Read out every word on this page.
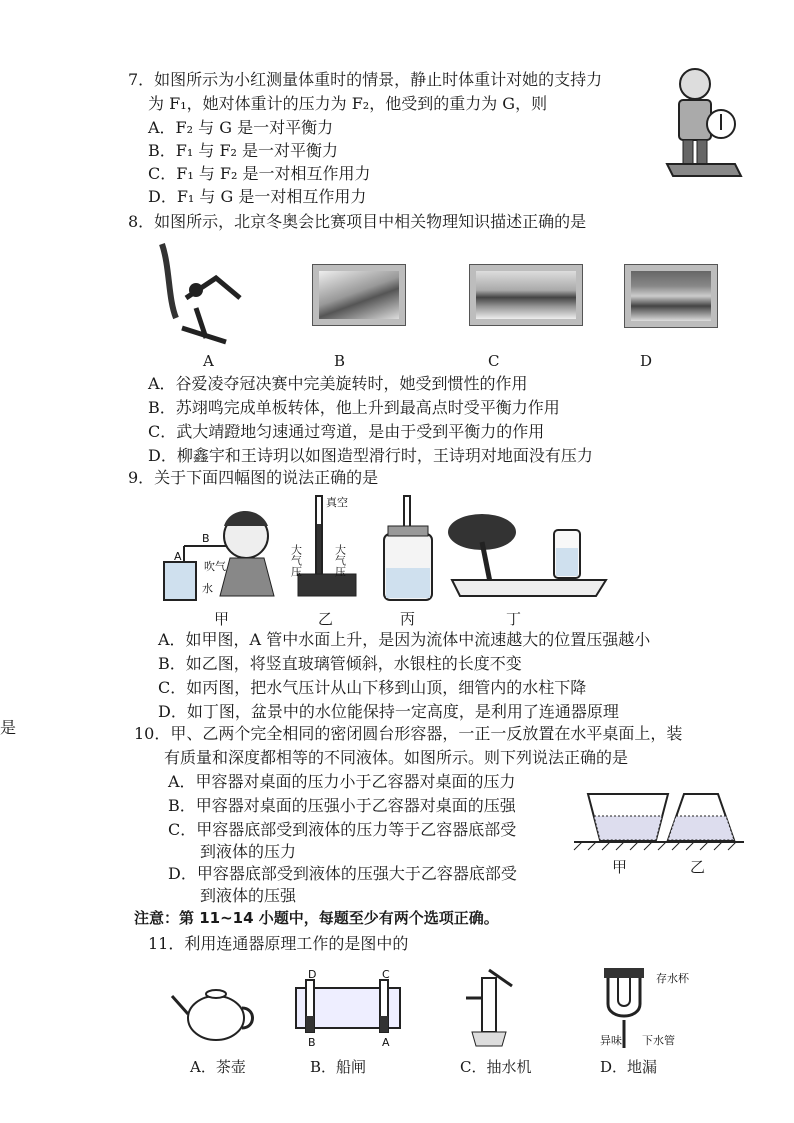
是
7．如图所示为小红测量体重时的情景，静止时体重计对她的支持力
为 F₁，她对体重计的压力为 F₂，他受到的重力为 G，则
A．F₂ 与 G 是一对平衡力
B．F₁ 与 F₂ 是一对平衡力
C．F₁ 与 F₂ 是一对相互作用力
D．F₁ 与 G 是一对相互作用力
8．如图所示，北京冬奥会比赛项目中相关物理知识描述正确的是
A	B	C	D
A．谷爱凌夺冠决赛中完美旋转时，她受到惯性的作用
B．苏翊鸣完成单板转体，他上升到最高点时受平衡力作用
C．武大靖蹬地匀速通过弯道，是由于受到平衡力的作用
D．柳鑫宇和王诗玥以如图造型滑行时，王诗玥对地面没有压力
9．关于下面四幅图的说法正确的是
B
A
吹气
水
真空
大气压	大气压
甲	乙	丙	丁
A．如甲图，A 管中水面上升，是因为流体中流速越大的位置压强越小
B．如乙图，将竖直玻璃管倾斜，水银柱的长度不变
C．如丙图，把水气压计从山下移到山顶，细管内的水柱下降
D．如丁图，盆景中的水位能保持一定高度，是利用了连通器原理
10．甲、乙两个完全相同的密闭圆台形容器，一正一反放置在水平桌面上，装
有质量和深度都相等的不同液体。如图所示。则下列说法正确的是
A．甲容器对桌面的压力小于乙容器对桌面的压力
B．甲容器对桌面的压强小于乙容器对桌面的压强
C．甲容器底部受到液体的压力等于乙容器底部受
到液体的压力
D．甲容器底部受到液体的压强大于乙容器底部受
到液体的压强
甲	乙
注意：第 11~14 小题中，每题至少有两个选项正确。
11．利用连通器原理工作的是图中的
D	C
B	A
存水杯
异味 下水管
A．茶壶	B．船闸	C．抽水机	D．地漏
